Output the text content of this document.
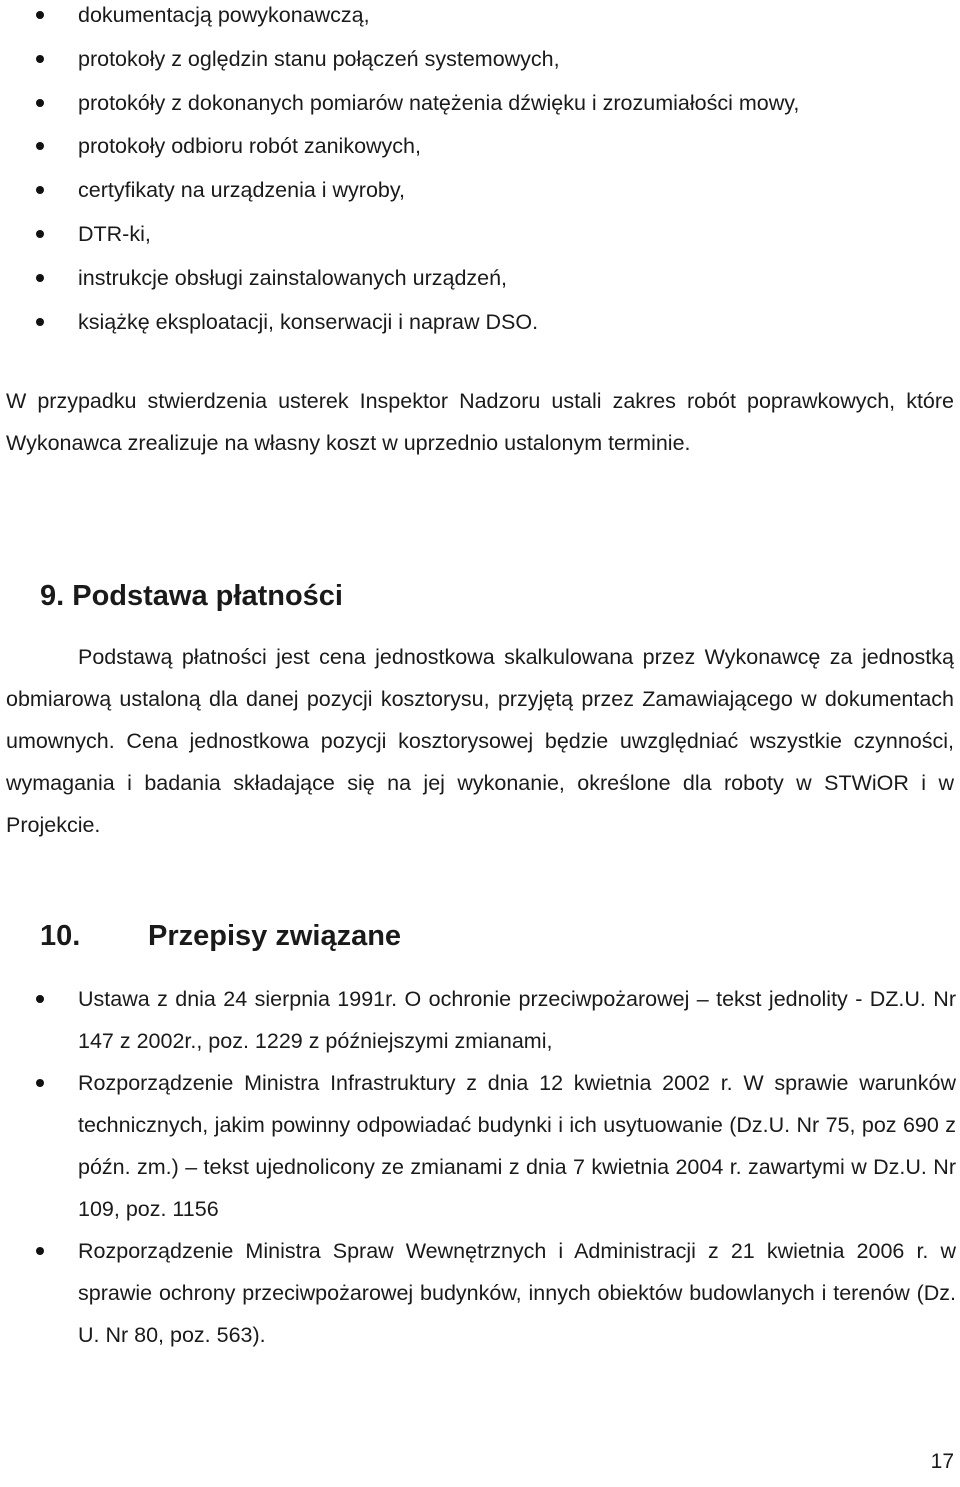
dokumentacją powykonawczą,
protokoły z oględzin stanu połączeń systemowych,
protokóły z dokonanych pomiarów natężenia dźwięku i zrozumiałości mowy,
protokoły odbioru robót zanikowych,
certyfikaty na urządzenia i wyroby,
DTR-ki,
instrukcje obsługi zainstalowanych urządzeń,
książkę eksploatacji, konserwacji i napraw DSO.

W przypadku stwierdzenia usterek Inspektor Nadzoru ustali zakres robót poprawkowych, które Wykonawca zrealizuje na własny koszt w uprzednio ustalonym terminie.

9. Podstawa płatności

Podstawą płatności jest cena jednostkowa skalkulowana przez Wykonawcę za jednostką obmiarową ustaloną dla danej pozycji kosztorysu, przyjętą przez Zamawiającego w dokumentach umownych. Cena jednostkowa pozycji kosztorysowej będzie uwzględniać wszystkie czynności, wymagania i badania składające się na jej wykonanie, określone dla roboty w STWiOR i w Projekcie.

10. Przepisy związane
Ustawa z dnia 24 sierpnia 1991r. O ochronie przeciwpożarowej – tekst jednolity - DZ.U. Nr 147 z 2002r., poz. 1229 z późniejszymi zmianami,
Rozporządzenie Ministra Infrastruktury z dnia 12 kwietnia 2002 r. W sprawie warunków technicznych, jakim powinny odpowiadać budynki i ich usytuowanie (Dz.U. Nr 75, poz 690 z późn. zm.) – tekst ujednolicony ze zmianami z dnia 7 kwietnia 2004 r. zawartymi w Dz.U. Nr 109, poz. 1156
Rozporządzenie Ministra Spraw Wewnętrznych i Administracji z 21 kwietnia 2006 r. w sprawie ochrony przeciwpożarowej budynków, innych obiektów budowlanych i terenów (Dz. U. Nr 80, poz. 563).
17
